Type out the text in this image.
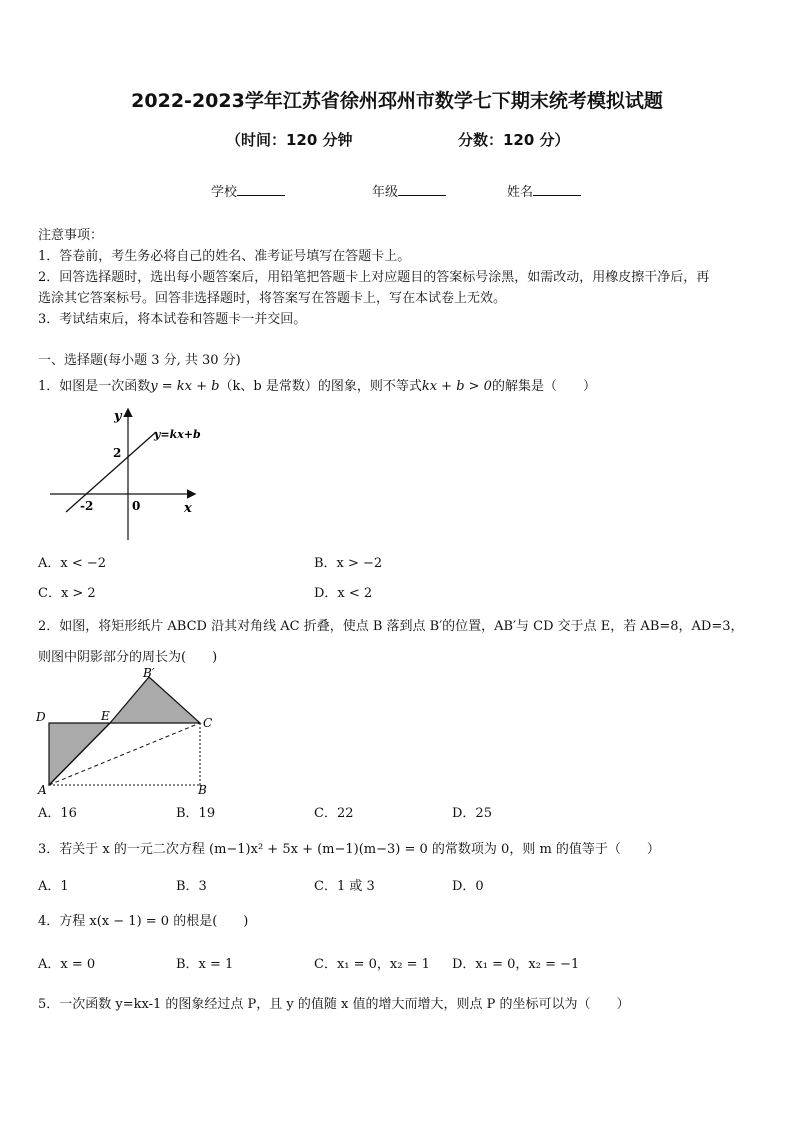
2022-2023学年江苏省徐州邳州市数学七下期末统考模拟试题
（时间：120 分钟	分数：120 分）
学校	年级	姓名
注意事项：
1．答卷前，考生务必将自己的姓名、准考证号填写在答题卡上。
2．回答选择题时，选出每小题答案后，用铅笔把答题卡上对应题目的答案标号涂黑，如需改动，用橡皮擦干净后，再
选涂其它答案标号。回答非选择题时，将答案写在答题卡上，写在本试卷上无效。
3．考试结束后，将本试卷和答题卡一并交回。
一、选择题(每小题 3 分, 共 30 分)
1．如图是一次函数y = kx + b（k、b 是常数）的图象，则不等式kx + b > 0的解集是（　　）
y
x
y=kx+b
2
-2	0
A．x < −2	B．x > −2
C．x > 2	D．x < 2
2．如图，将矩形纸片 ABCD 沿其对角线 AC 折叠，使点 B 落到点 B′的位置，AB′与 CD 交于点 E，若 AB=8，AD=3，
则图中阴影部分的周长为(　　)
B′
D	E	C
A	B
A．16	B．19	C．22	D．25
3．若关于 x 的一元二次方程 (m−1)x² + 5x + (m−1)(m−3) = 0 的常数项为 0，则 m 的值等于（　　）
A．1	B．3	C．1 或 3	D．0
4．方程 x(x − 1) = 0 的根是(　　)
A．x = 0	B．x = 1	C．x₁ = 0，x₂ = 1 D．x₁ = 0，x₂ = −1
5．一次函数 y=kx-1 的图象经过点 P，且 y 的值随 x 值的增大而增大，则点 P 的坐标可以为（　　）
